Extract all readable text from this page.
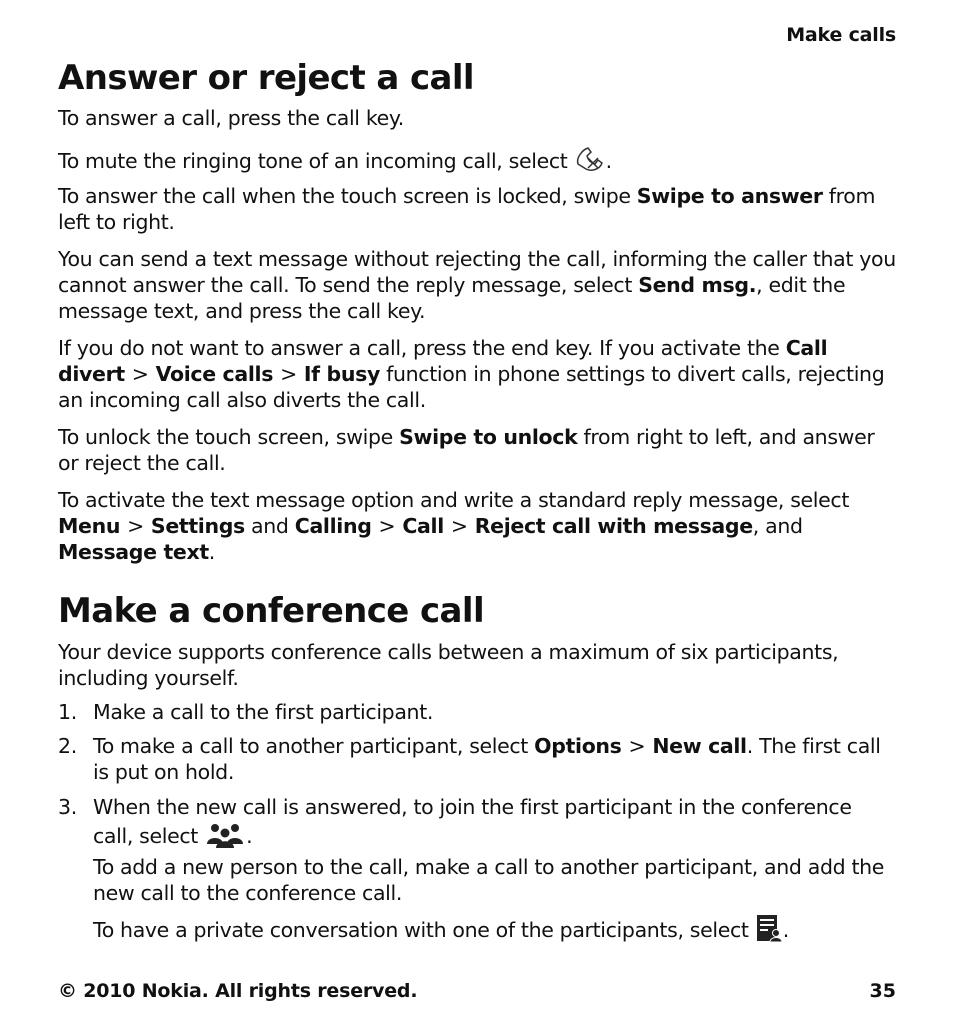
Make calls
Answer or reject a call

To answer a call, press the call key.

To mute the ringing tone of an incoming call, select .

To answer the call when the touch screen is locked, swipe Swipe to answer from left to right.

You can send a text message without rejecting the call, informing the caller that you cannot answer the call. To send the reply message, select Send msg., edit the message text, and press the call key.

If you do not want to answer a call, press the end key. If you activate the Call divert > Voice calls > If busy function in phone settings to divert calls, rejecting an incoming call also diverts the call.

To unlock the touch screen, swipe Swipe to unlock from right to left, and answer or reject the call.

To activate the text message option and write a standard reply message, select Menu > Settings and Calling > Call > Reject call with message, and Message text.

Make a conference call

Your device supports conference calls between a maximum of six participants, including yourself.

1. Make a call to the first participant.

2. To make a call to another participant, select Options > New call. The first call is put on hold.

3. When the new call is answered, to join the first participant in the conference call, select .

To add a new person to the call, make a call to another participant, and add the new call to the conference call.

To have a private conversation with one of the participants, select .

© 2010 Nokia. All rights reserved.	35
